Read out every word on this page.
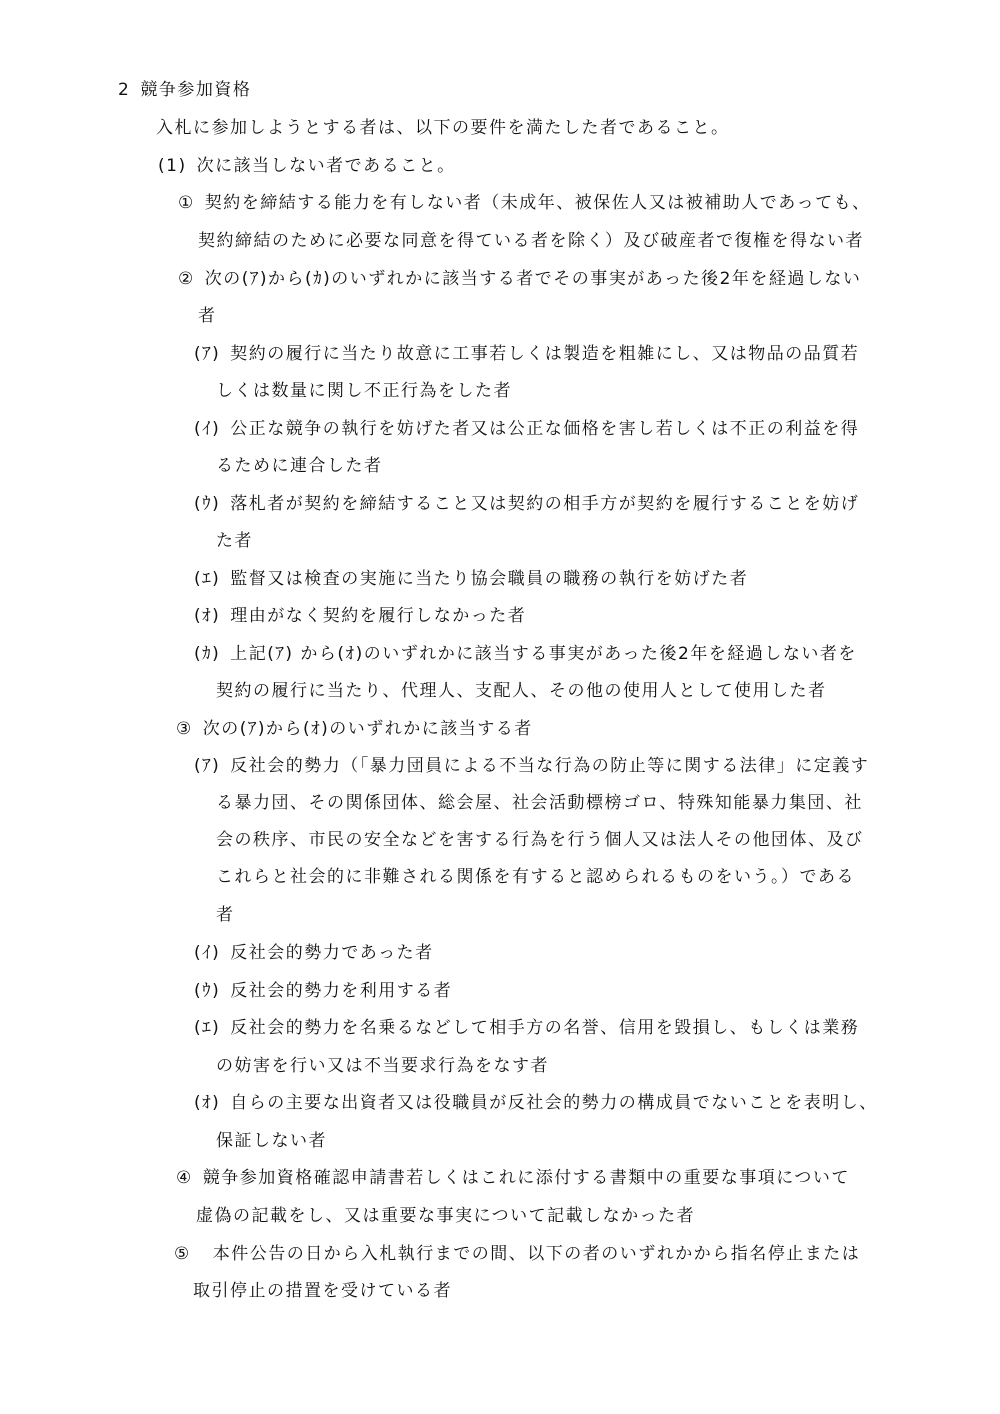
2 競争参加資格
入札に参加しようとする者は、以下の要件を満たした者であること。
(1) 次に該当しない者であること。
① 契約を締結する能力を有しない者（未成年、被保佐人又は被補助人であっても、
契約締結のために必要な同意を得ている者を除く）及び破産者で復権を得ない者
② 次の(ｱ)から(ｶ)のいずれかに該当する者でその事実があった後2年を経過しない
者
(ｱ) 契約の履行に当たり故意に工事若しくは製造を粗雑にし、又は物品の品質若
しくは数量に関し不正行為をした者
(ｲ) 公正な競争の執行を妨げた者又は公正な価格を害し若しくは不正の利益を得
るために連合した者
(ｳ) 落札者が契約を締結すること又は契約の相手方が契約を履行することを妨げ
た者
(ｴ) 監督又は検査の実施に当たり協会職員の職務の執行を妨げた者
(ｵ) 理由がなく契約を履行しなかった者
(ｶ) 上記(ｱ) から(ｵ)のいずれかに該当する事実があった後2年を経過しない者を
契約の履行に当たり、代理人、支配人、その他の使用人として使用した者
③ 次の(ｱ)から(ｵ)のいずれかに該当する者
(ｱ) 反社会的勢力（「暴力団員による不当な行為の防止等に関する法律」に定義す
る暴力団、その関係団体、総会屋、社会活動標榜ゴロ、特殊知能暴力集団、社
会の秩序、市民の安全などを害する行為を行う個人又は法人その他団体、及び
これらと社会的に非難される関係を有すると認められるものをいう。）である
者
(ｲ) 反社会的勢力であった者
(ｳ) 反社会的勢力を利用する者
(ｴ) 反社会的勢力を名乗るなどして相手方の名誉、信用を毀損し、もしくは業務
の妨害を行い又は不当要求行為をなす者
(ｵ) 自らの主要な出資者又は役職員が反社会的勢力の構成員でないことを表明し、
保証しない者
④ 競争参加資格確認申請書若しくはこれに添付する書類中の重要な事項について
虚偽の記載をし、又は重要な事実について記載しなかった者
⑤ 本件公告の日から入札執行までの間、以下の者のいずれかから指名停止または
取引停止の措置を受けている者
